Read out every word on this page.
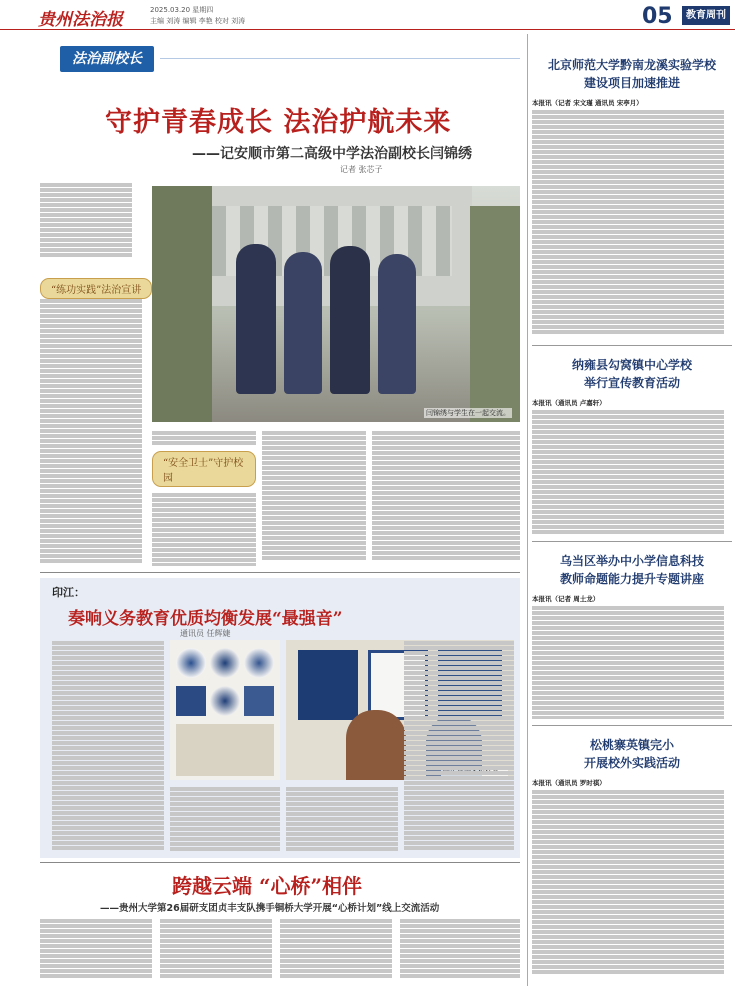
贵州法治报	2025.03.20 星期四
主编 刘涛 编辑 李艳 校对 刘涛	05	教育周刊
法治副校长
守护青春成长 法治护航未来
——记安顺市第二高级中学法治副校长闫锦绣
记者 张芯子
“练功实践”法治宣讲
闫锦绣与学生在一起交流。
“安全卫士”守护校园
印江：
奏响义务教育优质均衡发展“最强音”
通讯员 任辉婕
跨越云端 “心桥”相伴
——贵州大学第26届研支团贞丰支队携手铜桥大学开展“心桥计划”线上交流活动
北京师范大学黔南龙溪实验学校
建设项目加速推进
本报讯（记者 宋文瑾 通讯员 宋亭月）
纳雍县勾窝镇中心学校
举行宣传教育活动
本报讯（通讯员 卢嘉轩）
乌当区举办中小学信息科技
教师命题能力提升专题讲座
本报讯（记者 周土龙）
松桃寨英镇完小
开展校外实践活动
本报讯（通讯员 罗时祺）
